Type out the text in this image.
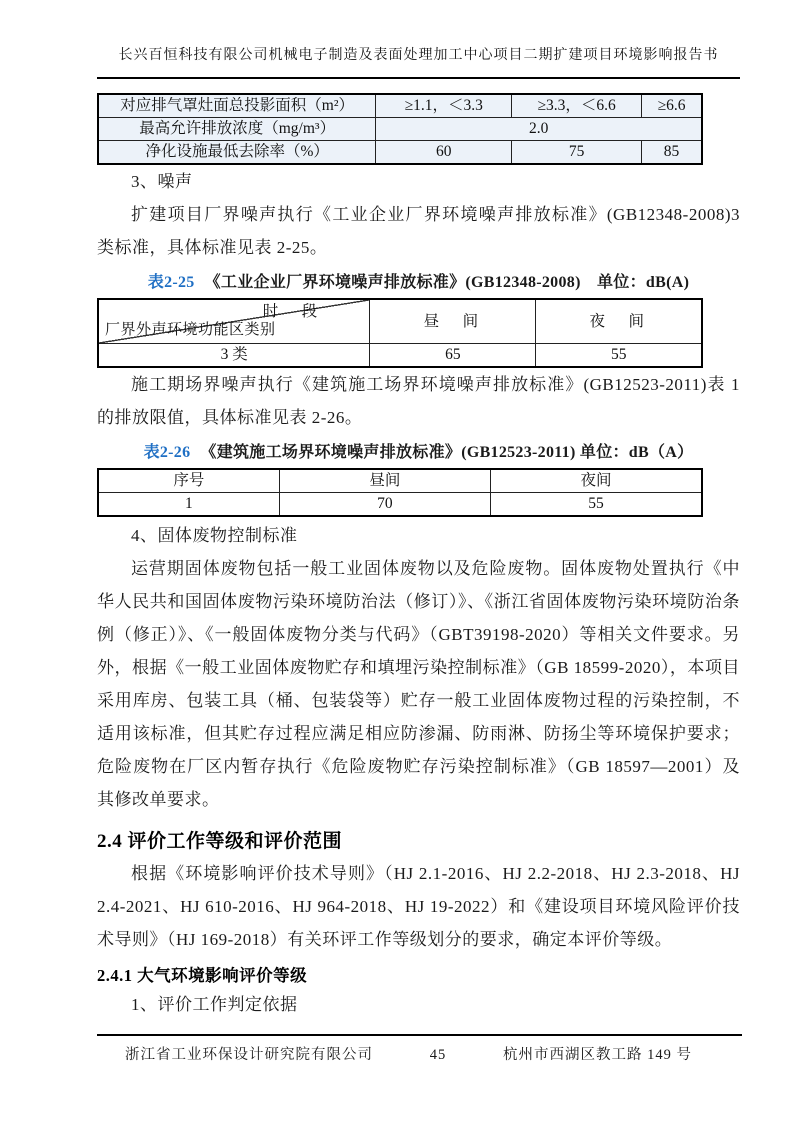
长兴百恒科技有限公司机械电子制造及表面处理加工中心项目二期扩建项目环境影响报告书
对应排气罩灶面总投影面积（m²）	≥1.1，＜3.3	≥3.3，＜6.6	≥6.6
最高允许排放浓度（mg/m³）	2.0		
净化设施最低去除率（%）	60	75	85
3、噪声

扩建项目厂界噪声执行《工业企业厂界环境噪声排放标准》(GB12348-2008)3 类标准，具体标准见表 2-25。

表2-25 《工业企业厂界环境噪声排放标准》(GB12348-2008)　单位：dB(A)
时　段
厂界外声环境功能区类别	昼　间	夜　间
3 类	65	55

施工期场界噪声执行《建筑施工场界环境噪声排放标准》(GB12523-2011)表 1 的排放限值，具体标准见表 2-26。

表2-26 《建筑施工场界环境噪声排放标准》(GB12523-2011) 单位：dB（A）
序号	昼间	夜间
1	70	55
4、固体废物控制标准

运营期固体废物包括一般工业固体废物以及危险废物。固体废物处置执行《中华人民共和国固体废物污染环境防治法（修订）》、《浙江省固体废物污染环境防治条例（修正）》、《一般固体废物分类与代码》（GBT39198-2020）等相关文件要求。另外，根据《一般工业固体废物贮存和填埋污染控制标准》（GB 18599-2020），本项目采用库房、包装工具（桶、包装袋等）贮存一般工业固体废物过程的污染控制，不适用该标准，但其贮存过程应满足相应防渗漏、防雨淋、防扬尘等环境保护要求；危险废物在厂区内暂存执行《危险废物贮存污染控制标准》（GB 18597—2001）及其修改单要求。

2.4 评价工作等级和评价范围

根据《环境影响评价技术导则》（HJ 2.1-2016、HJ 2.2-2018、HJ 2.3-2018、HJ 2.4-2021、HJ 610-2016、HJ 964-2018、HJ 19-2022）和《建设项目环境风险评价技术导则》（HJ 169-2018）有关环评工作等级划分的要求，确定本评价等级。

2.4.1 大气环境影响评价等级
1、评价工作判定依据
浙江省工业环保设计研究院有限公司	45	杭州市西湖区教工路 149 号
